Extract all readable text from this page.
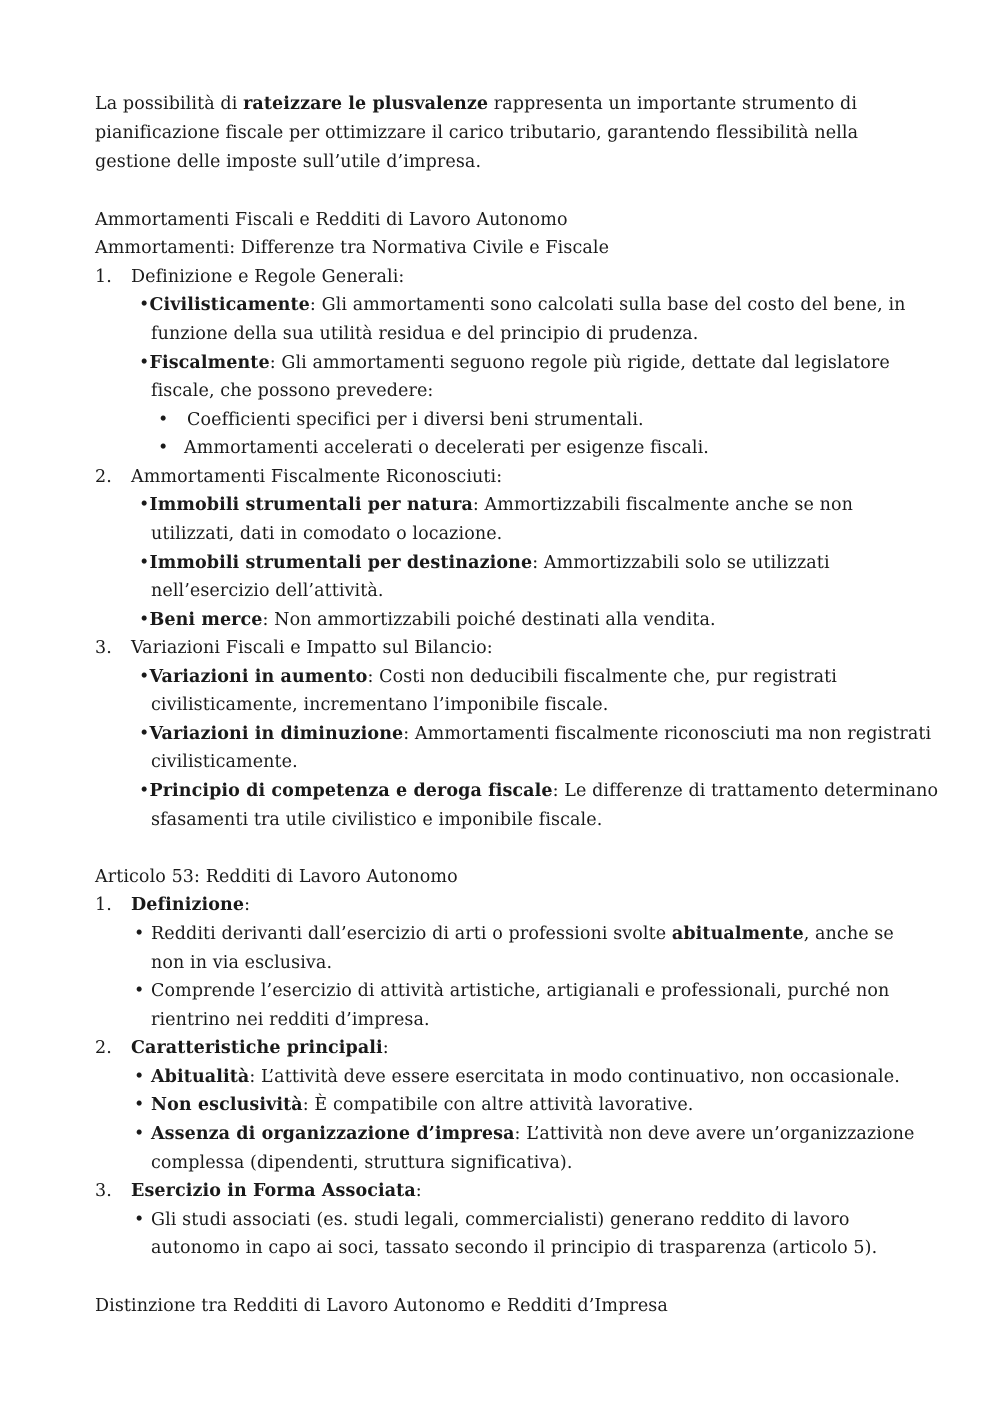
La possibilità di rateizzare le plusvalenze rappresenta un importante strumento di
pianificazione fiscale per ottimizzare il carico tributario, garantendo flessibilità nella
gestione delle imposte sull’utile d’impresa.
Ammortamenti Fiscali e Redditi di Lavoro Autonomo
Ammortamenti: Differenze tra Normativa Civile e Fiscale
1. Definizione e Regole Generali:
•Civilisticamente: Gli ammortamenti sono calcolati sulla base del costo del bene, in
funzione della sua utilità residua e del principio di prudenza.
•Fiscalmente: Gli ammortamenti seguono regole più rigide, dettate dal legislatore
fiscale, che possono prevedere:
• Coefficienti specifici per i diversi beni strumentali.
• Ammortamenti accelerati o decelerati per esigenze fiscali.
2. Ammortamenti Fiscalmente Riconosciuti:
•Immobili strumentali per natura: Ammortizzabili fiscalmente anche se non
utilizzati, dati in comodato o locazione.
•Immobili strumentali per destinazione: Ammortizzabili solo se utilizzati
nell’esercizio dell’attività.
•Beni merce: Non ammortizzabili poiché destinati alla vendita.
3. Variazioni Fiscali e Impatto sul Bilancio:
•Variazioni in aumento: Costi non deducibili fiscalmente che, pur registrati
civilisticamente, incrementano l’imponibile fiscale.
•Variazioni in diminuzione: Ammortamenti fiscalmente riconosciuti ma non registrati
civilisticamente.
•Principio di competenza e deroga fiscale: Le differenze di trattamento determinano
sfasamenti tra utile civilistico e imponibile fiscale.
Articolo 53: Redditi di Lavoro Autonomo
1. Definizione:
• Redditi derivanti dall’esercizio di arti o professioni svolte abitualmente, anche se
non in via esclusiva.
• Comprende l’esercizio di attività artistiche, artigianali e professionali, purché non
rientrino nei redditi d’impresa.
2. Caratteristiche principali:
• Abitualità: L’attività deve essere esercitata in modo continuativo, non occasionale.
• Non esclusività: È compatibile con altre attività lavorative.
• Assenza di organizzazione d’impresa: L’attività non deve avere un’organizzazione
complessa (dipendenti, struttura significativa).
3. Esercizio in Forma Associata:
• Gli studi associati (es. studi legali, commercialisti) generano reddito di lavoro
autonomo in capo ai soci, tassato secondo il principio di trasparenza (articolo 5).
Distinzione tra Redditi di Lavoro Autonomo e Redditi d’Impresa
